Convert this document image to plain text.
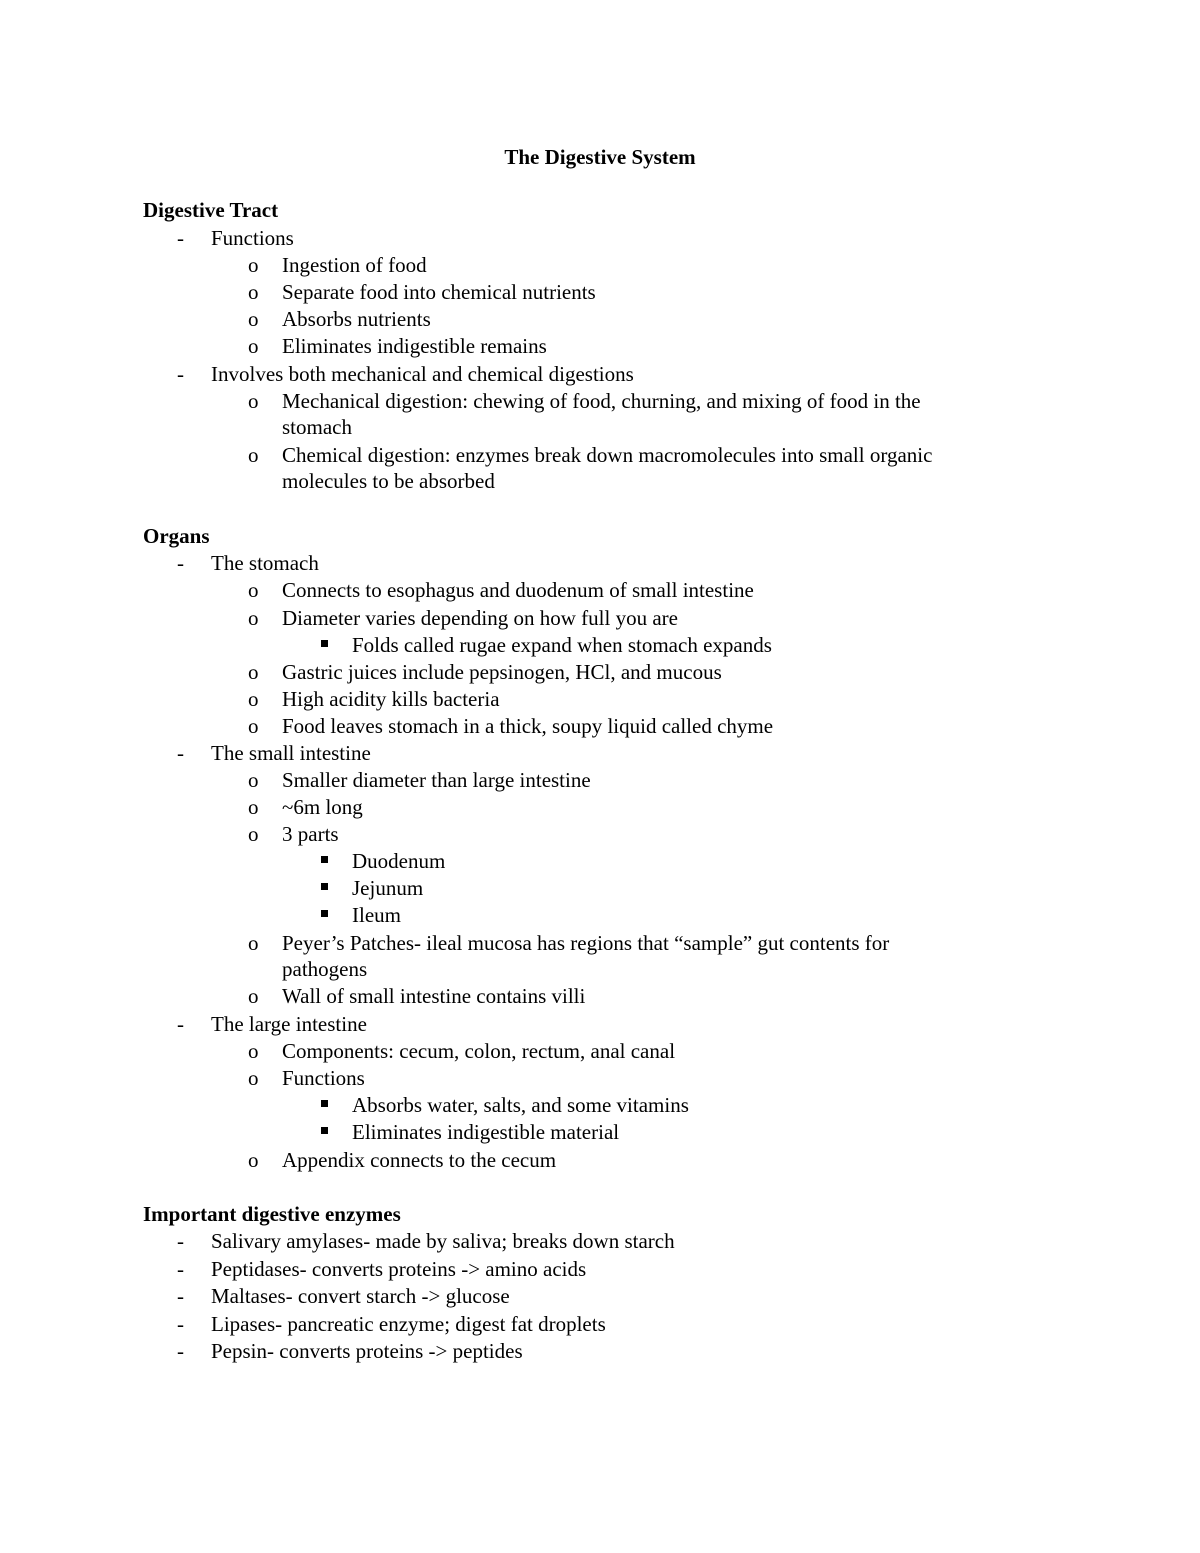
The Digestive System
Digestive Tract
- Functions
o Ingestion of food
o Separate food into chemical nutrients
o Absorbs nutrients
o Eliminates indigestible remains
- Involves both mechanical and chemical digestions
o Mechanical digestion: chewing of food, churning, and mixing of food in the
stomach
o Chemical digestion: enzymes break down macromolecules into small organic
molecules to be absorbed
Organs
- The stomach
o Connects to esophagus and duodenum of small intestine
o Diameter varies depending on how full you are
Folds called rugae expand when stomach expands
o Gastric juices include pepsinogen, HCl, and mucous
o High acidity kills bacteria
o Food leaves stomach in a thick, soupy liquid called chyme
- The small intestine
o Smaller diameter than large intestine
o ~6m long
o 3 parts
Duodenum
Jejunum
Ileum
o Peyer’s Patches- ileal mucosa has regions that “sample” gut contents for
pathogens
o Wall of small intestine contains villi
- The large intestine
o Components: cecum, colon, rectum, anal canal
o Functions
Absorbs water, salts, and some vitamins
Eliminates indigestible material
o Appendix connects to the cecum
Important digestive enzymes
- Salivary amylases- made by saliva; breaks down starch
- Peptidases- converts proteins -> amino acids
- Maltases- convert starch -> glucose
- Lipases- pancreatic enzyme; digest fat droplets
- Pepsin- converts proteins -> peptides
